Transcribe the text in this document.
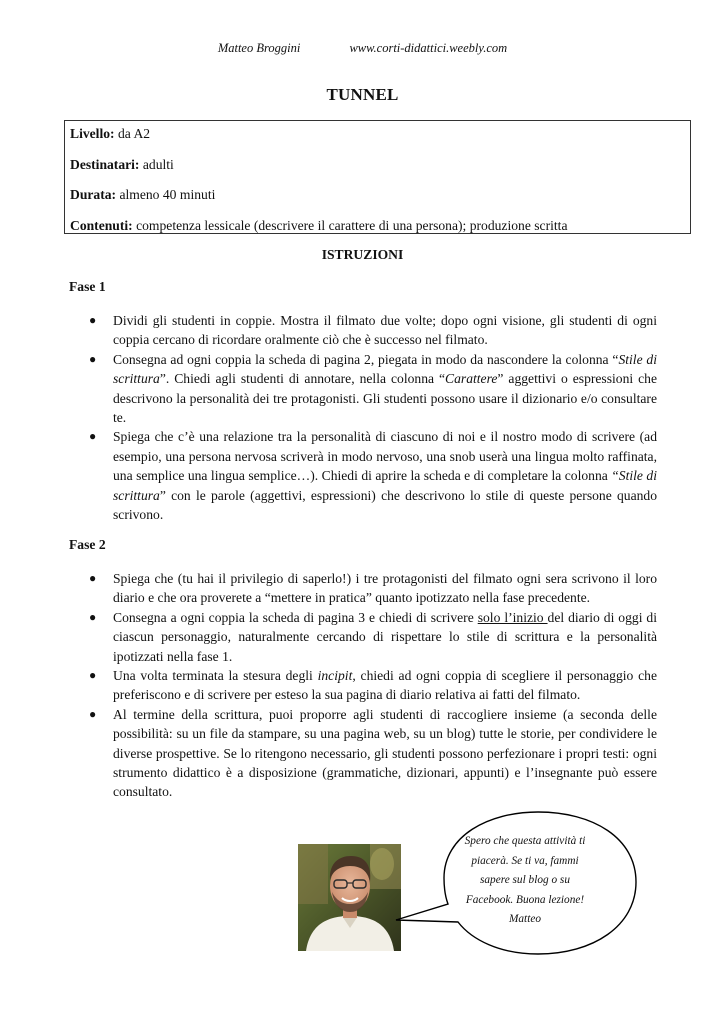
Matteo Broggini	www.corti-didattici.weebly.com
TUNNEL
Livello: da A2
Destinatari: adulti
Durata: almeno 40 minuti
Contenuti: competenza lessicale (descrivere il carattere di una persona); produzione scritta
ISTRUZIONI
Fase 1
● Dividi gli studenti in coppie. Mostra il filmato due volte; dopo ogni visione, gli studenti di ogni coppia cercano di ricordare oralmente ciò che è successo nel filmato.
● Consegna ad ogni coppia la scheda di pagina 2, piegata in modo da nascondere la colonna “Stile di scrittura”. Chiedi agli studenti di annotare, nella colonna “Carattere” aggettivi o espressioni che descrivono la personalità dei tre protagonisti. Gli studenti possono usare il dizionario e/o consultare te.
● Spiega che c’è una relazione tra la personalità di ciascuno di noi e il nostro modo di scrivere (ad esempio, una persona nervosa scriverà in modo nervoso, una snob userà una lingua molto raffinata, una semplice una lingua semplice…). Chiedi di aprire la scheda e di completare la colonna “Stile di scrittura” con le parole (aggettivi, espressioni) che descrivono lo stile di queste persone quando scrivono.
Fase 2
● Spiega che (tu hai il privilegio di saperlo!) i tre protagonisti del filmato ogni sera scrivono il loro diario e che ora proverete a “mettere in pratica” quanto ipotizzato nella fase precedente.
● Consegna a ogni coppia la scheda di pagina 3 e chiedi di scrivere solo l’inizio del diario di oggi di ciascun personaggio, naturalmente cercando di rispettare lo stile di scrittura e la personalità ipotizzati nella fase 1.
● Una volta terminata la stesura degli incipit, chiedi ad ogni coppia di scegliere il personaggio che preferiscono e di scrivere per esteso la sua pagina di diario relativa ai fatti del filmato.
● Al termine della scrittura, puoi proporre agli studenti di raccogliere insieme (a seconda delle possibilità: su un file da stampare, su una pagina web, su un blog) tutte le storie, per condividere le diverse prospettive. Se lo ritengono necessario, gli studenti possono perfezionare i propri testi: ogni strumento didattico è a disposizione (grammatiche, dizionari, appunti) e l’insegnante può essere consultato.
Spero che questa attività ti
piacerà. Se ti va, fammi
sapere sul blog o su
Facebook. Buona lezione!
Matteo
